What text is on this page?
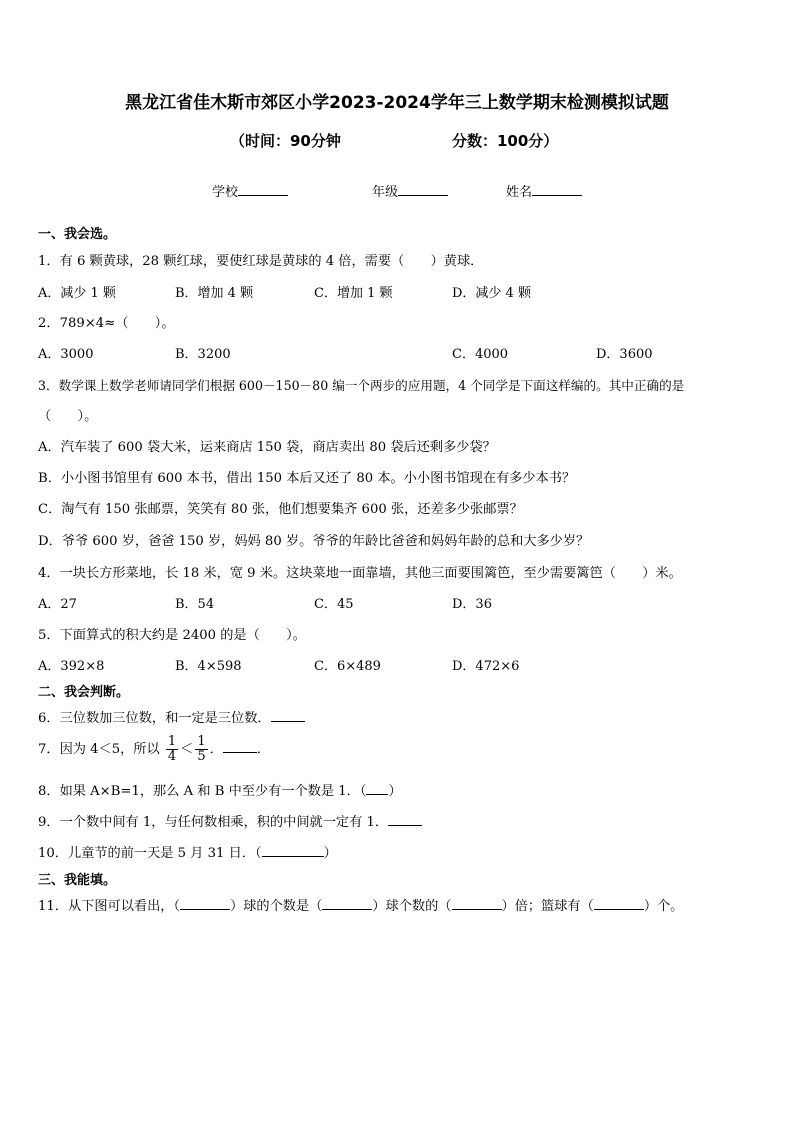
黑龙江省佳木斯市郊区小学2023-2024学年三上数学期末检测模拟试题
（时间：90分钟	分数：100分）
学校	年级	姓名
一、我会选。
1．有 6 颗黄球，28 颗红球，要使红球是黄球的 4 倍，需要（　　）黄球．
A．减少 1 颗	B．增加 4 颗	C．增加 1 颗	D．减少 4 颗
2．789×4≈（　　）。
A．3000	B．3200	C．4000	D．3600
3．数学课上数学老师请同学们根据 600－150－80 编一个两步的应用题，4 个同学是下面这样编的。其中正确的是
（　　）。
A．汽车装了 600 袋大米，运来商店 150 袋，商店卖出 80 袋后还剩多少袋？
B．小小图书馆里有 600 本书，借出 150 本后又还了 80 本。小小图书馆现在有多少本书？
C．淘气有 150 张邮票，笑笑有 80 张，他们想要集齐 600 张，还差多少张邮票？
D．爷爷 600 岁，爸爸 150 岁，妈妈 80 岁。爷爷的年龄比爸爸和妈妈年龄的总和大多少岁？
4．一块长方形菜地，长 18 米，宽 9 米。这块菜地一面靠墙，其他三面要围篱笆，至少需要篱笆（　　）米。
A．27	B．54	C．45	D．36
5．下面算式的积大约是 2400 的是（　　）。
A．392×8	B．4×598	C．6×489	D．472×6
二、我会判断。
6．三位数加三位数，和一定是三位数．
7．因为 4＜5，所以 $\frac{1}{4} < \frac{1}{5}$ ．	．
8．如果 A×B=1，那么 A 和 B 中至少有一个数是 1．（ ）
9．一个数中间有 1，与任何数相乘，积的中间就一定有 1．
10．儿童节的前一天是 5 月 31 日．（	）
三、我能填。
11．从下图可以看出，（	）球的个数是（	）球个数的（	）倍；篮球有（	）个。
